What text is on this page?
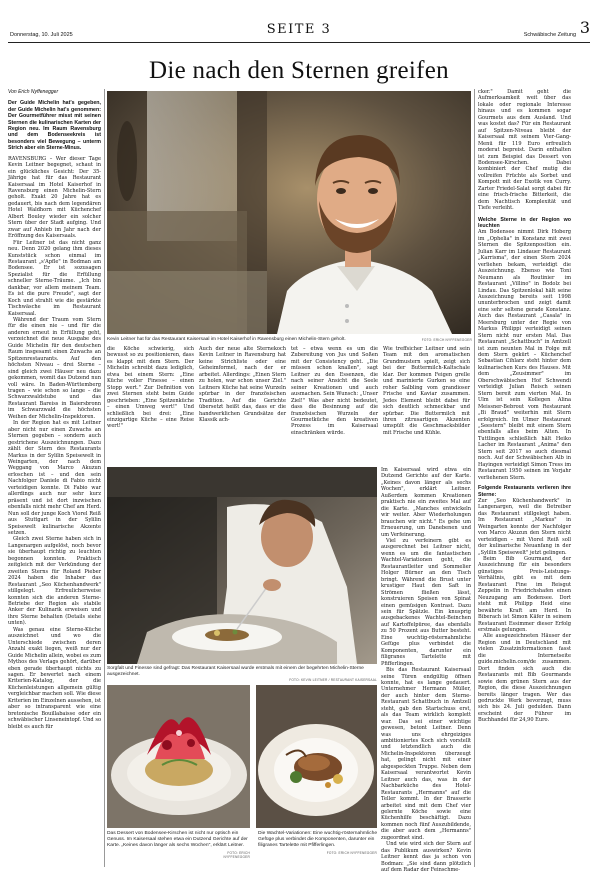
Donnerstag, 10. Juli 2025	SEITE 3	Schwäbische Zeitung 3
Die nach den Sternen greifen
Von Erich Nyffenegger
Der Guide Michelin hat's gegeben, der Guide Michelin hat's genommen: Der Gourmetführer misst mit seinen Sternen die kulinarischen Karten der Region neu. Im Raum Ravensburg und dem Bodenseekreis ist besonders viel Bewegung – unterm Strich aber ein Sterne-Minus.

RAVENSBURG – Wer dieser Tage Kevin Leitner begegnet, schaut in ein glückliches Gesicht: Der 35-Jährige hat für das Restaurant Kaisersaal im Hotel Kaiserhof in Ravensburg einen Michelin-Stern geholt. Exakt 20 Jahre hat es gedauert, bis nach dem legendären Hotel Waldhorn mit Küchenchef Albert Bouley wieder ein solcher Stern über der Stadt aufging. Und zwar auf Anhieb im Jahr nach der Eröffnung des Kaisersaals.

Für Leitner ist das nicht ganz neu. Denn 2020 gelang ihm dieses Kunststück schon einmal im Restaurant „s'Apfle" in Bodman am Bodensee. Er ist sozusagen Spezialist für die Erfüllung schneller Sterne-Träume. „Ich bin dankbar, vor allem meinem Team. Es ist die pure Freude", sagt der Koch und strahlt wie die gestärkte Tischwäsche im Restaurant Kaisersaal.

Während der Traum vom Stern für die einen nie – und für die anderen erneut in Erfüllung geht, verzeichnet die neue Ausgabe des Guide Michelin für den deutschen Raum insgesamt einen Zuwachs an Spitzenrestaurants. Auf den höchsten Niveau – drei Sterne – sind gleich zwei Häuser neu dazu gekommen, womit das Dutzend nun voll wäre. In Baden-Württemberg tragen – wie schon so lange – die Schwarzwaldstube und das Restaurant Bareiss in Baiersbronn im Schwarzwald die höchsten Weihen der Michelin-Inspektoren.

In der Region hat es mit Leitner aber nicht nur einen Zuwachs an Sternen gegeben – sondern auch gestrichene Auszeichnungen. Dazu zählt der Stern des Restaurants Markus in der Sylilin Speisewelt in Weingarten, der nach dem Weggang von Marco Akuzun erloschen ist – und den sein Nachfolger Daniele di Fabio nicht verteidigen konnte. Di Fabio war allerdings auch nur sehr kurz präsent und ist dort inzwischen ebenfalls nicht mehr Chef am Herd. Nun soll der junge Koch Viorel Reiß aus Stuttgart in der Sylilin Speisewelt kulinarische Akzente setzen.

Gleich zwei Sterne haben sich in Langenargen aufgelöst, noch bevor sie überhaupt richtig zu leuchten begonnen konnten. Praktisch zeitgleich mit der Verkündung der zweiten Sterns für Roland Pieber 2024 haben die Inhaber das Restaurant „Seo Küchenhandwerk" stillgelegt. Erfreulicherweise konnten sich die anderen Sterne-Betriebe der Region als stabile Anker der Kulinarik erweisen und ihre Sterne behalten (Details siehe unten).

Was genau eine Sterne-Küche auszeichnet und wo die Unterschiede zwischen deren Anzahl exakt liegen, weiß nur der Guide Michelin allein, wobei es zum Mythos des Verlags gehört, darüber eben gerade überhaupt nichts zu sagen. Er bewertet nach einem Kriterien-Katalog, der die Küchenleistungen allgemein gültig vergleichbar machen soll. Wie diese Kriterien im Einzelnen aussehen, ist aber so intransparent wie eine bretonische Bouillabaisse oder ein schwäbischer Linseneintopf. Und so bleibt es auch für

Kevin Leitner hat für das Restaurant Kaisersaal im Hotel Kaiserhof in Ravensburg einen Michelin-Stern geholt.	FOTO: ERICH NYFFENEGGER

die Köche schwierig, sich bewusst so zu positionieren, dass es klappt mit dem Stern. Der Michelin schreibt dazu lediglich, etwa bei einem Stern: „Eine Küche voller Finesse – einen Stopp wert." Zur Definition von zwei Sternen steht beim Guide geschrieben: „Eine Spitzenküche – einen Umweg wert!" Und schließlich bei drei: „Eine einzigartige Küche – eine Reise wert!"

Auch der neue alte Sternekoch Kevin Leitner in Ravensburg hat keine Strichliste oder eine Geheimformel, nach der er arbeitet. Allerdings: „Einen Stern zu holen, war schon unser Ziel." Leitners Küche hat seine Wurzeln spürbar in der französischen Tradition. Auf die Gerichte übersetzt heißt das, dass er die handwerklichen Grundsätze der Klassik ach-

tet – etwa wenn es um die Zubereitung von Jus und Soßen mit der Consistency geht. „Die müssen schon knallen", sagt Leitner zu den Essenzen, die nach seiner Ansicht die Seele seiner Kreationen und auch ausmachen. Sein Wunsch: „Unser Ziel!" Was aber nicht bedeutet, dass die Besinnung auf die französischen Wurzeln der Gourmetküche den kreativen Prozess im Kaisersaal einschränken würde.

Wie treffsicher Leitner und sein Team mit den aromatischen Grundmustern spielt, zeigt sich bei der Buttermilch-Kaltschale klar. Der kommen Feigen grelle und marinierte Gurken so eine roher Salbling vom grandioser Frische und Kaviar zusammen. Jedes Element bleibt dabei für sich deutlich schmeckbar und spürbar. Die Buttermilch mit ihren zitrusartigen Akzenten umspült die Geschmacksbilder mit Frische und Kühle.

Sorgfalt und Finesse sind gefragt: Das Restaurant Kaisersaal wurde erstmals mit einem der begehrten Michelin-Sterne ausgezeichnet.
FOTO: KEVIN LEITNER / RESTAURANT KAISERSAAL
Das Dessert von Bodensee-Kirschen ist nicht nur optisch ein Genuss. Im Kaisersaal stehen etwa ein Dutzend Gerichte auf der Karte. „Keines davon länger als sechs Wochen", erklärt Leitner.
FOTO: ERICH NYFFENEGGER
Die Wachtel-Variationen: Eine wuchtig-rösternahmliche Gefüge plus verbindet die Komponenten, darunter ein filigranes Tartelette mit Pfifferlingen.
FOTO: ERICH NYFFENEGGER

Im Kaisersaal wird etwa ein Dutzend Gerichte auf der Karte. „Keines davon länger als sechs Wochen", erklärt Leitner. Außerdem kommen Kreationen praktisch nie ein zweites Mal auf die Karte. „Manches entwickeln wir weiter. Aber Wiederholungen brauchen wir nicht." Es gehe um Erneuerung, um Danebenen und um Verfeinerung.

Viel zu verfeinern gibt es ausgerechnet bei Leitner nicht, wenn es um die fantastischen Wachtel-Variationen geht, die Restaurantleiter und Sommelier Holger Bürner an den Tisch bringt. Während die Brust unter krustiger Haut den Saft in Strömen fließen lässt, konstruieren Speisen von Spinat einen gemüsigen Kontrast. Dazu sein für Spätzle. Ein knusprig ausgebackenes Wachtel-Beinchen auf Kartoffelpüree, das ebenfalls zu 50 Prozent aus Butter besteht. Eine wuchtig-rösternahmliche Gefüge plus verbindet die Komponenten, darunter ein filigranes Tartelette mit Pfifferlingen.

Bis das Restaurant Kaisersaal seine Türen endgültig öffnen konnte, hat es lange gedauert. Unternehmer Hermann Müller, der auch hinter dem Sterne-Restaurant Schattbuch in Amtzell steht, gab den Startschuss erst, als das Team wirklich komplett war. Das sei einer wichtige gewesen, betont Leitner. Denn was uns ehrgeiziges ambitioniertes Koch sich vorstellt und letztendlich auch die Michelin-Inspektoren überzeugt hat, gelingt nicht mit einer abgespeckten Truppe. Neben dem Kaisersaal verantwortet Kevin Leitner auch das, was in der Nachbarküche des Hotel-Restaurants „Hermanns" auf die Teller kommt. In der Brasserie arbeitet sind mit dem Chef vier gelernte Köche sowie eine Küchenhilfe beschäftigt. Dazu kommen noch fünf Auszubildende, die aber auch dem „Hermanns" zugeordnet sind.

Und wie wird sich der Stern auf das Publikum auswirken? Kevin Leitner kennt das ja schon von Bodman: „Sie sind dann plötzlich auf dem Radar der Feinschme-

cker." Damit geht die Aufmerksamkeit weit über das lokale oder regionale Interesse hinaus und es kommen sogar Gourmets aus dem Ausland. Und was kostet das? Für ein Restaurant auf Spitzen-Niveau bleibt der Kaisersaal mit seinem Vier-Gang-Menü für 119 Euro erfreulich moderat bepreist. Darin enthalten ist zum Beispiel das Dessert von Bodensee-Kirschen. Dabei kombiniert der Chef mutig die vollreifen Früchte als Sorbet und Kompott mit der Exotik von Curry. Zarter Friedel-Salat sorgt dabei für eine frisch-frische Bitterkeit, die dem Nachtisch Komplexität und Tiefe verleiht.

Welche Sterne in der Region wo leuchten

Am Bodensee nimmt Dirk Hoberg im „Ophelia" in Konstanz mit zwei Sternen die Spitzenposition ein. Julian Karr im Lindauer Restaurant „Karrisma", der einen Stern 2024 verliehen bekam, verteidigt die Auszeichnung. Ebenso wie Toni Neumann als Routinier im Restaurant „Villino" in Bodolz bei Lindau. Das Spitzenlokal hält seine Auszeichnung bereits seit 1998 ununterbrochen und zeigt damit eine sehr seltene gerade Konstanz. Auch das Restaurant „Casala" in Meersburg unter der Regie von Markus Philippi verteidigt seinen Stern nicht nur ersten Mal. Das Restaurant „Schattbuch" in Amtzell ist zum neunten Mal in Folge mit dem Stern gekürt – Küchenchef Sebastian Cihlarz steht hinter dem kulinarischen Kurs des Hauses. Mit dem „Zeusimmer" im Oberschwäbischen Hof Schwendi verteidigt Julian Reisch seinen Stern bereit zum vierten Mal. In Ulm ist sein Kollegen Alina Meissner-Bebrout vom Restaurant „Bi Braud" weiterhin mit Stern erfolgreich. Im Ulmer Restaurant „Seestern" bleibt mit einem Stern ebenfalls alles beim Alten. In Tuttlingen schließlich hält Heiko Lacher im Restaurant „Anima" den Stern seit 2017 so auch diesmal noch. Auf der Schwäbischen Alb in Hayingen verteidigt Simon Tress im Restaurant 1950 seinen im Vorjahr verliehenen Stern.

Folgende Restaurants verlieren ihre Sterne:

Zur „Seo Küchenhandwerk" in Langenargen, weil die Betreiber das Restaurant stillgelegt haben. Im Restaurant „Markus" in Weingarten konnte der Nachfolger von Marco Akuzun den Stern nicht verteidigen – mit Viorel Reiß soll der kulinarische Neuanfang in der „Sylilin Speisewelt" jetzt gelingen.

Beim Bib Gourmand, der Auszeichnung für ein besonders günstiges Preis-Leistungs-Verhältnis, gibt es mit dem Restaurant Fine im Reisgut Zeppelin in Friedrichshafen einen Neuzugang am Bodensee. Dort steht mit Philipp Heid eine bewährte Kraft am Herd. In Biberach ist Simon Käfer in seinem Restaurant Essimmer dieser Erfolg erstmals gelungen.

Alle ausgezeichneten Häuser der Region und in Deutschland mit vielen Zusatzinformationen fasst die Internetseite guide.michelin.com/de zusammen. Dort finden sich auch die Restaurants mit Bib Gourmands sowie dem grünen Stern aus der Region, die diese Auszeichnungen bereits länger tragen. Wer das gedruckte Werk bevorzugt, muss sich bis 24. Juli gedulden. Dann erscheint der Führer im Buchhandel für 24,90 Euro.
